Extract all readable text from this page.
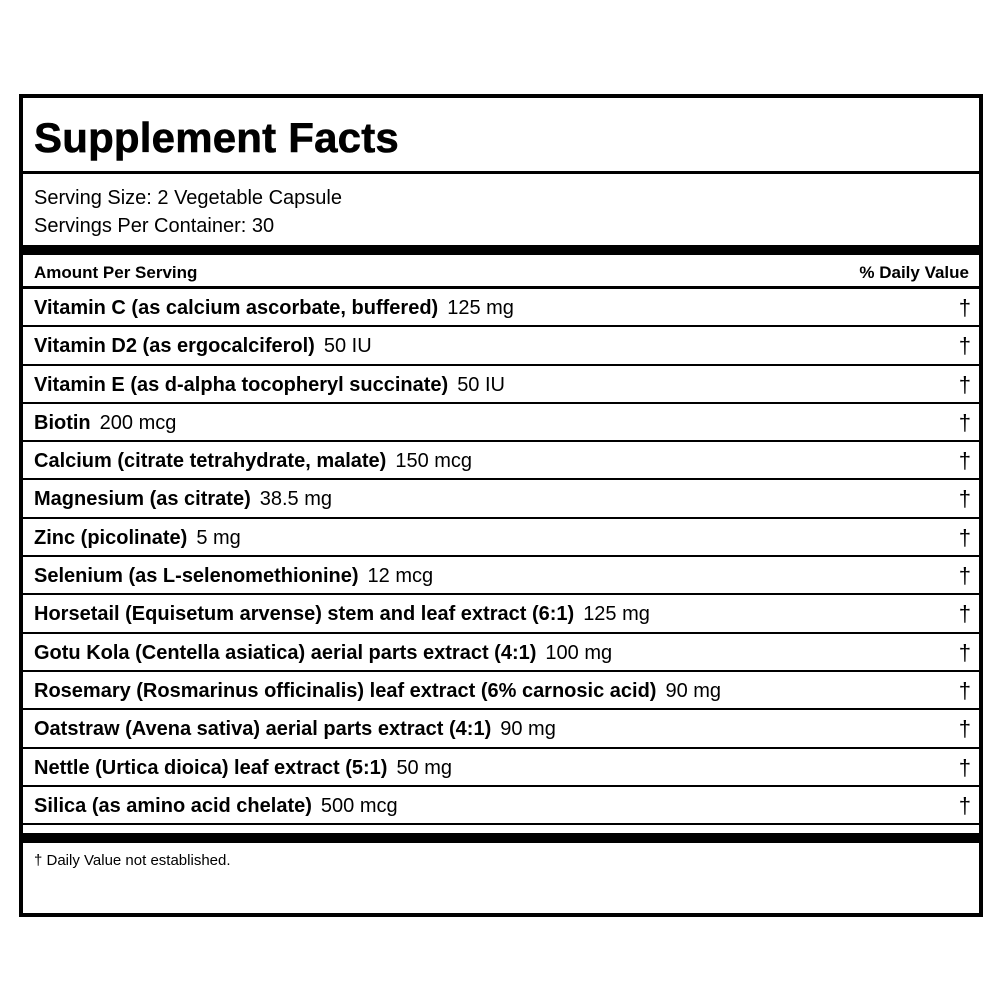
Supplement Facts
Serving Size: 2 Vegetable Capsule
Servings Per Container: 30
Amount Per Serving	% Daily Value
Vitamin C (as calcium ascorbate, buffered) 125 mg	†
Vitamin D2 (as ergocalciferol) 50 IU	†
Vitamin E (as d-alpha tocopheryl succinate) 50 IU	†
Biotin 200 mcg	†
Calcium (citrate tetrahydrate, malate) 150 mcg	†
Magnesium (as citrate) 38.5 mg	†
Zinc (picolinate) 5 mg	†
Selenium (as L-selenomethionine) 12 mcg	†
Horsetail (Equisetum arvense) stem and leaf extract (6:1) 125 mg	†
Gotu Kola (Centella asiatica) aerial parts extract (4:1) 100 mg	†
Rosemary (Rosmarinus officinalis) leaf extract (6% carnosic acid) 90 mg	†
Oatstraw (Avena sativa) aerial parts extract (4:1) 90 mg	†
Nettle (Urtica dioica) leaf extract (5:1) 50 mg	†
Silica (as amino acid chelate) 500 mcg	†
† Daily Value not established.
